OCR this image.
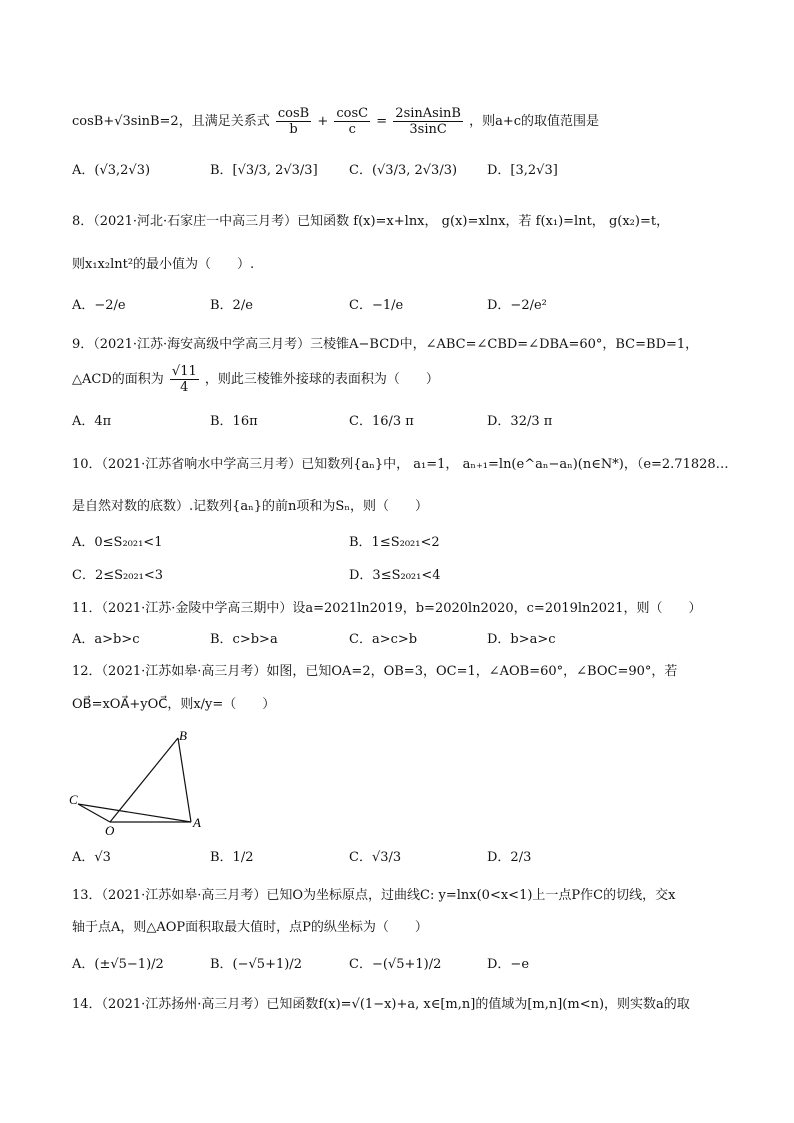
cosB+√3sinB=2，且满足关系式 $\frac{\cos B}{b} + \frac{\cos C}{c} = \frac{\text{2sinAsinB}}{3\sin C}$ ，则a+c的取值范围是
A．(√3,2√3)	B．[√3/3, 2√3/3] C．(√3/3, 2√3/3) D．[3,2√3]
8．（2021·河北·石家庄一中高三月考）已知函数 f(x)=x+lnx， g(x)=xlnx，若 f(x₁)=lnt， g(x₂)=t，
则x₁x₂lnt²的最小值为（　　）.
A．−2/e	B．2/e	C．−1/e	D．−2/e²
9．（2021·江苏·海安高级中学高三月考）三棱锥A−BCD中，∠ABC=∠CBD=∠DBA=60°，BC=BD=1，
△ACD的面积为 $\frac{√11}{4}$ ，则此三棱锥外接球的表面积为（　　）
A．4π	B．16π	C．16/3 π	D．32/3 π
10．（2021·江苏省响水中学高三月考）已知数列{aₙ}中， a₁=1， aₙ₊₁=ln(e^aₙ−aₙ)(n∈N*)，（e=2.71828…
是自然对数的底数）.记数列{aₙ}的前n项和为Sₙ，则（　　）
A．0≤S₂₀₂₁<1	B．1≤S₂₀₂₁<2
C．2≤S₂₀₂₁<3	D．3≤S₂₀₂₁<4
11．（2021·江苏·金陵中学高三期中）设a=2021ln2019，b=2020ln2020，c=2019ln2021，则（　　）
A．a>b>c	B．c>b>a	C．a>c>b	D．b>a>c
12．（2021·江苏如皋·高三月考）如图，已知OA=2，OB=3，OC=1，∠AOB=60°，∠BOC=90°，若
OB⃗=xOA⃗+yOC⃗，则x/y=（　　）
B
C
O
A
A．√3	B．1/2	C．√3/3	D．2/3
13．（2021·江苏如皋·高三月考）已知O为坐标原点，过曲线C: y=lnx(0<x<1)上一点P作C的切线，交x
轴于点A，则△AOP面积取最大值时，点P的纵坐标为（　　）
A．(±√5−1)/2	B．(−√5+1)/2	C．−(√5+1)/2	D．−e
14．（2021·江苏扬州·高三月考）已知函数f(x)=√(1−x)+a, x∈[m,n]的值域为[m,n](m<n)，则实数a的取
